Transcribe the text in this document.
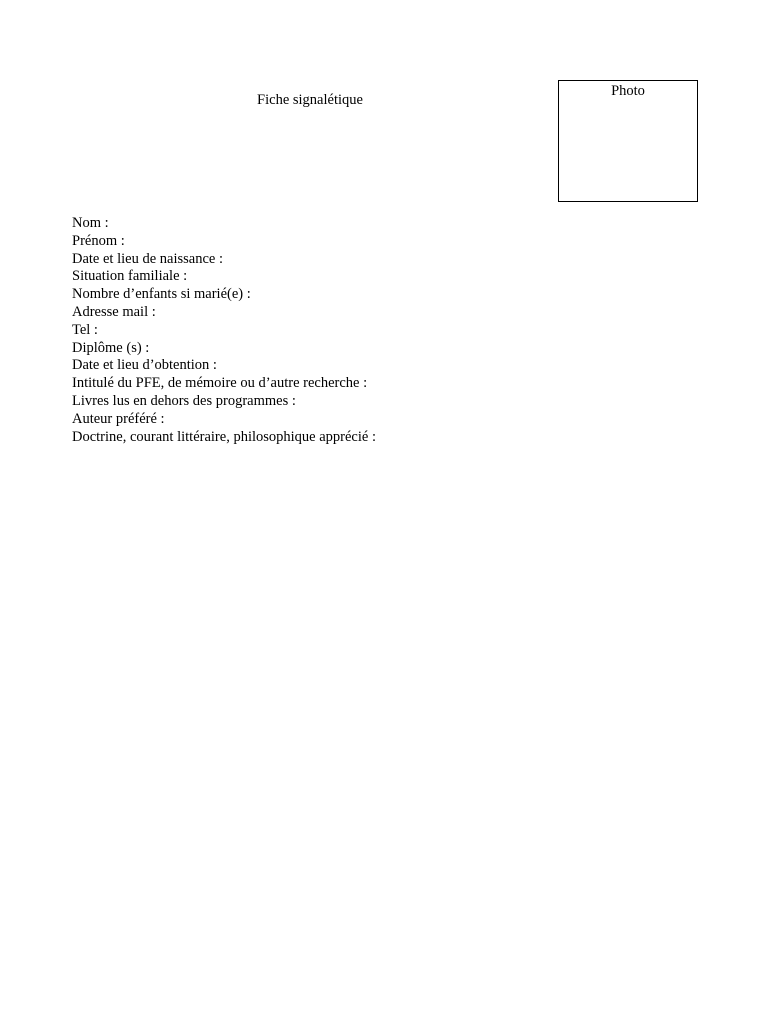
Fiche signalétique
Photo
Nom :
Prénom :
Date et lieu de naissance :
Situation familiale :
Nombre d’enfants si marié(e) :
Adresse mail :
Tel :
Diplôme (s) :
Date et lieu d’obtention :
Intitulé du PFE, de mémoire ou d’autre recherche :
Livres lus en dehors des programmes :
Auteur préféré :
Doctrine, courant littéraire, philosophique apprécié :
